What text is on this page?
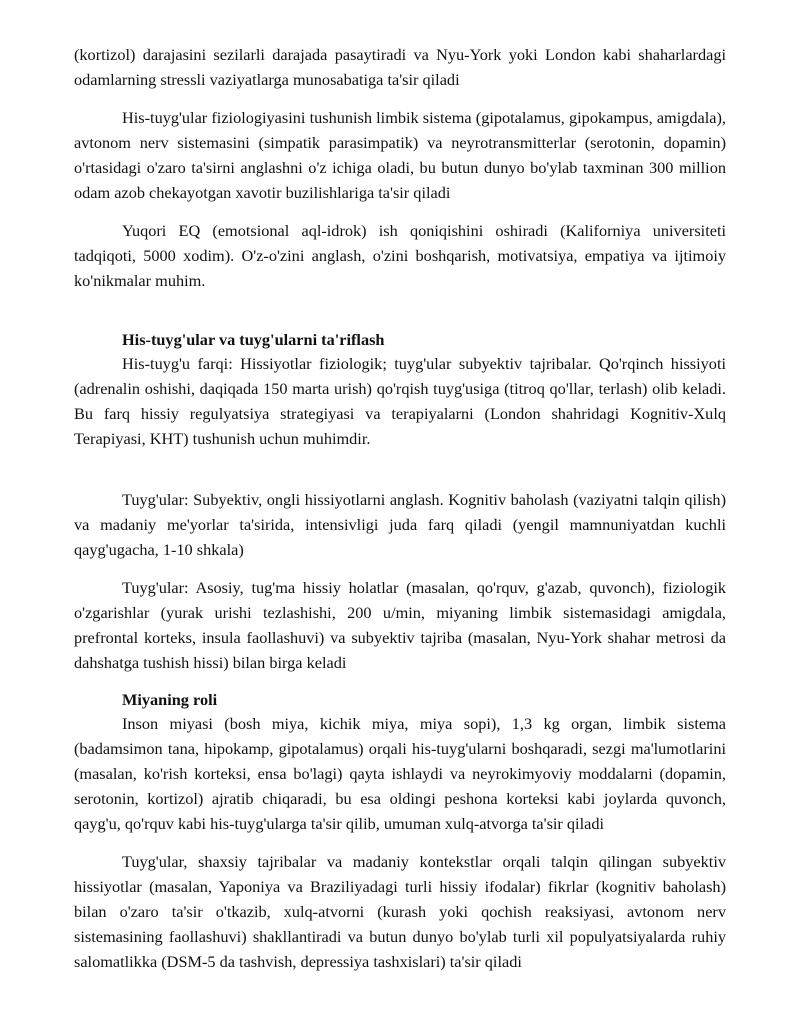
(kortizol) darajasini sezilarli darajada pasaytiradi va Nyu-York yoki London kabi shaharlardagi odamlarning stressli vaziyatlarga munosabatiga ta'sir qiladi

His-tuyg'ular fiziologiyasini tushunish limbik sistema (gipotalamus, gipokampus, amigdala), avtonom nerv sistemasini (simpatik parasimpatik) va neyrotransmitterlar (serotonin, dopamin) o'rtasidagi o'zaro ta'sirni anglashni o'z ichiga oladi, bu butun dunyo bo'ylab taxminan 300 million odam azob chekayotgan xavotir buzilishlariga ta'sir qiladi

Yuqori EQ (emotsional aql-idrok) ish qoniqishini oshiradi (Kaliforniya universiteti tadqiqoti, 5000 xodim). O'z-o'zini anglash, o'zini boshqarish, motivatsiya, empatiya va ijtimoiy ko'nikmalar muhim.

His-tuyg'ular va tuyg'ularni ta'riflash

His-tuyg'u farqi: Hissiyotlar fiziologik; tuyg'ular subyektiv tajribalar. Qo'rqinch hissiyoti (adrenalin oshishi, daqiqada 150 marta urish) qo'rqish tuyg'usiga (titroq qo'llar, terlash) olib keladi. Bu farq hissiy regulyatsiya strategiyasi va terapiyalarni (London shahridagi Kognitiv-Xulq Terapiyasi, KHT) tushunish uchun muhimdir.

Tuyg'ular: Subyektiv, ongli hissiyotlarni anglash. Kognitiv baholash (vaziyatni talqin qilish) va madaniy me'yorlar ta'sirida, intensivligi juda farq qiladi (yengil mamnuniyatdan kuchli qayg'ugacha, 1-10 shkala)

Tuyg'ular: Asosiy, tug'ma hissiy holatlar (masalan, qo'rquv, g'azab, quvonch), fiziologik o'zgarishlar (yurak urishi tezlashishi, 200 u/min, miyaning limbik sistemasidagi amigdala, prefrontal korteks, insula faollashuvi) va subyektiv tajriba (masalan, Nyu-York shahar metrosi da dahshatga tushish hissi) bilan birga keladi

Miyaning roli

Inson miyasi (bosh miya, kichik miya, miya sopi), 1,3 kg organ, limbik sistema (badamsimon tana, hipokamp, gipotalamus) orqali his-tuyg'ularni boshqaradi, sezgi ma'lumotlarini (masalan, ko'rish korteksi, ensa bo'lagi) qayta ishlaydi va neyrokimyoviy moddalarni (dopamin, serotonin, kortizol) ajratib chiqaradi, bu esa oldingi peshona korteksi kabi joylarda quvonch, qayg'u, qo'rquv kabi his-tuyg'ularga ta'sir qilib, umuman xulq-atvorga ta'sir qiladi

Tuyg'ular, shaxsiy tajribalar va madaniy kontekstlar orqali talqin qilingan subyektiv hissiyotlar (masalan, Yaponiya va Braziliyadagi turli hissiy ifodalar) fikrlar (kognitiv baholash) bilan o'zaro ta'sir o'tkazib, xulq-atvorni (kurash yoki qochish reaksiyasi, avtonom nerv sistemasining faollashuvi) shakllantiradi va butun dunyo bo'ylab turli xil populyatsiyalarda ruhiy salomatlikka (DSM-5 da tashvish, depressiya tashxislari) ta'sir qiladi
